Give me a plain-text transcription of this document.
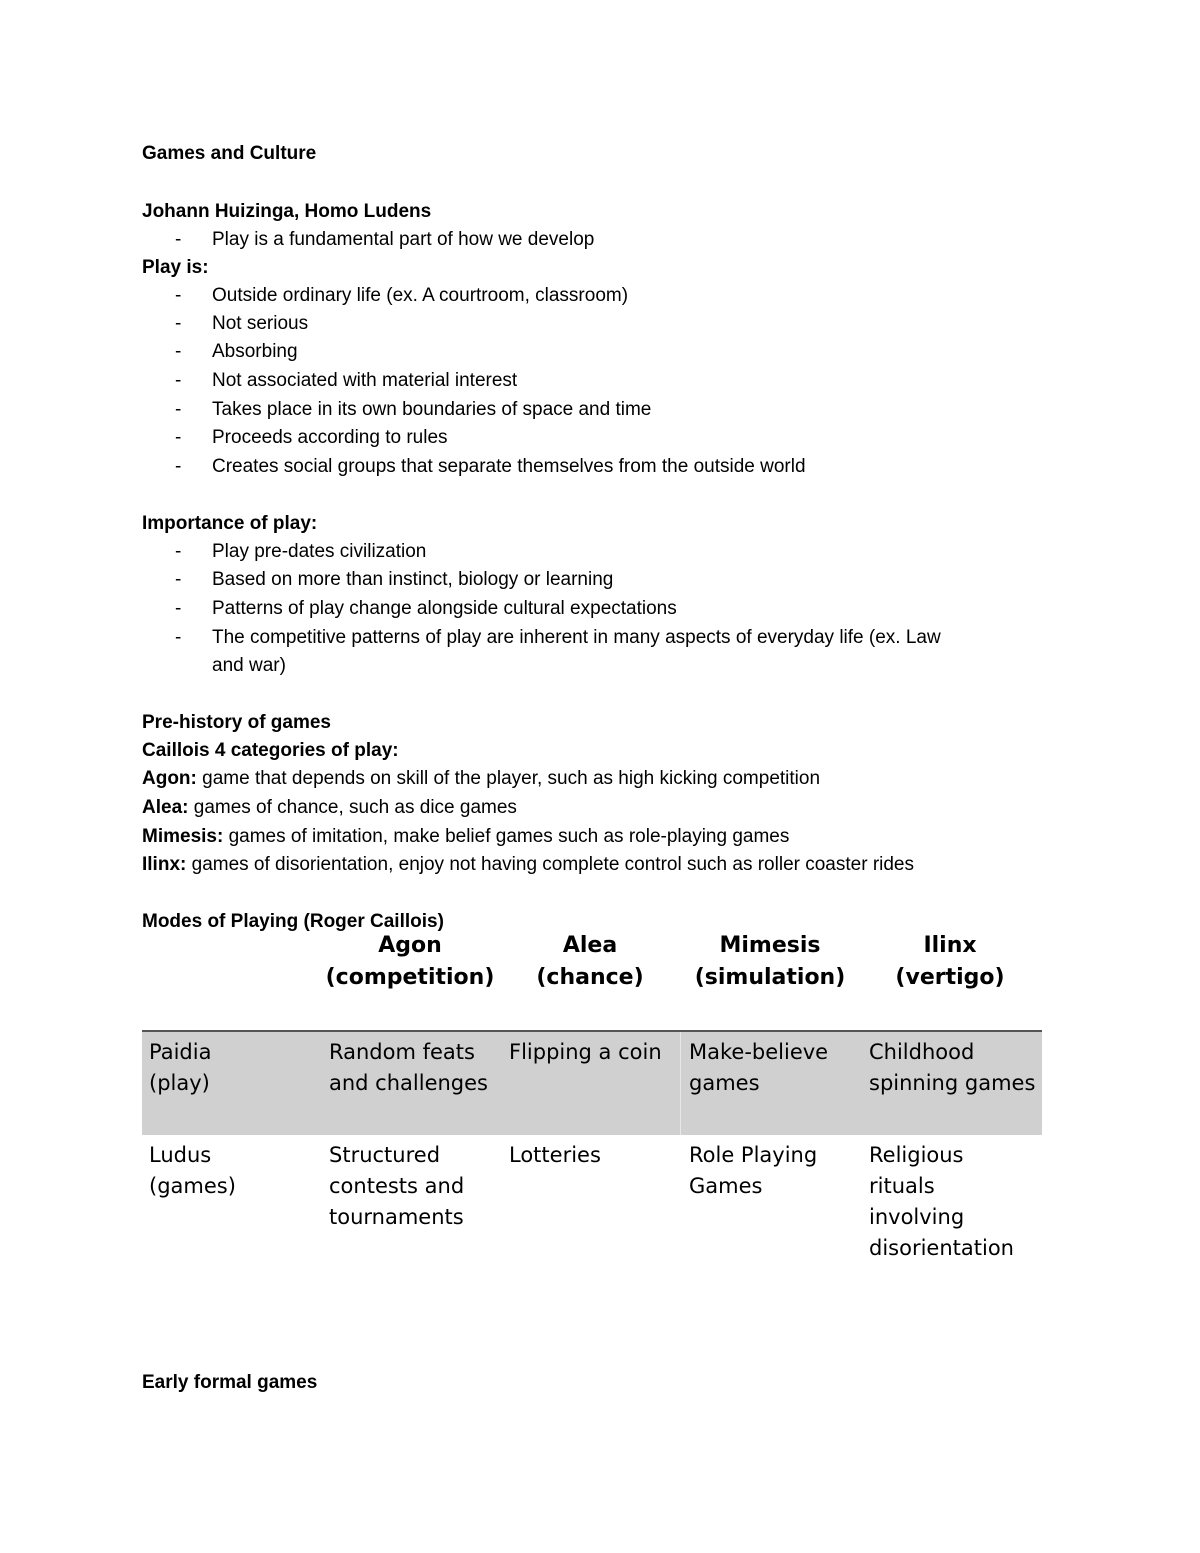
Games and Culture
Johann Huizinga, Homo Ludens
- Play is a fundamental part of how we develop
Play is:
- Outside ordinary life (ex. A courtroom, classroom)
- Not serious
- Absorbing
- Not associated with material interest
- Takes place in its own boundaries of space and time
- Proceeds according to rules
- Creates social groups that separate themselves from the outside world
Importance of play:
- Play pre-dates civilization
- Based on more than instinct, biology or learning
- Patterns of play change alongside cultural expectations
- The competitive patterns of play are inherent in many aspects of everyday life (ex. Law
and war)
Pre-history of games
Caillois 4 categories of play:
Agon: game that depends on skill of the player, such as high kicking competition
Alea: games of chance, such as dice games
Mimesis: games of imitation, make belief games such as role-playing games
Ilinx: games of disorientation, enjoy not having complete control such as roller coaster rides
Modes of Playing (Roger Caillois)
Agon
(competition)
Alea
(chance)
Mimesis
(simulation)
Ilinx
(vertigo)
Paidia
(play)
Random feats
and challenges
Flipping a coin	Make-believe
games
Childhood
spinning games
Ludus
(games)
Structured
contests and
tournaments
Lotteries	Role Playing
Games
Religious
rituals
involving
disorientation
Early formal games
